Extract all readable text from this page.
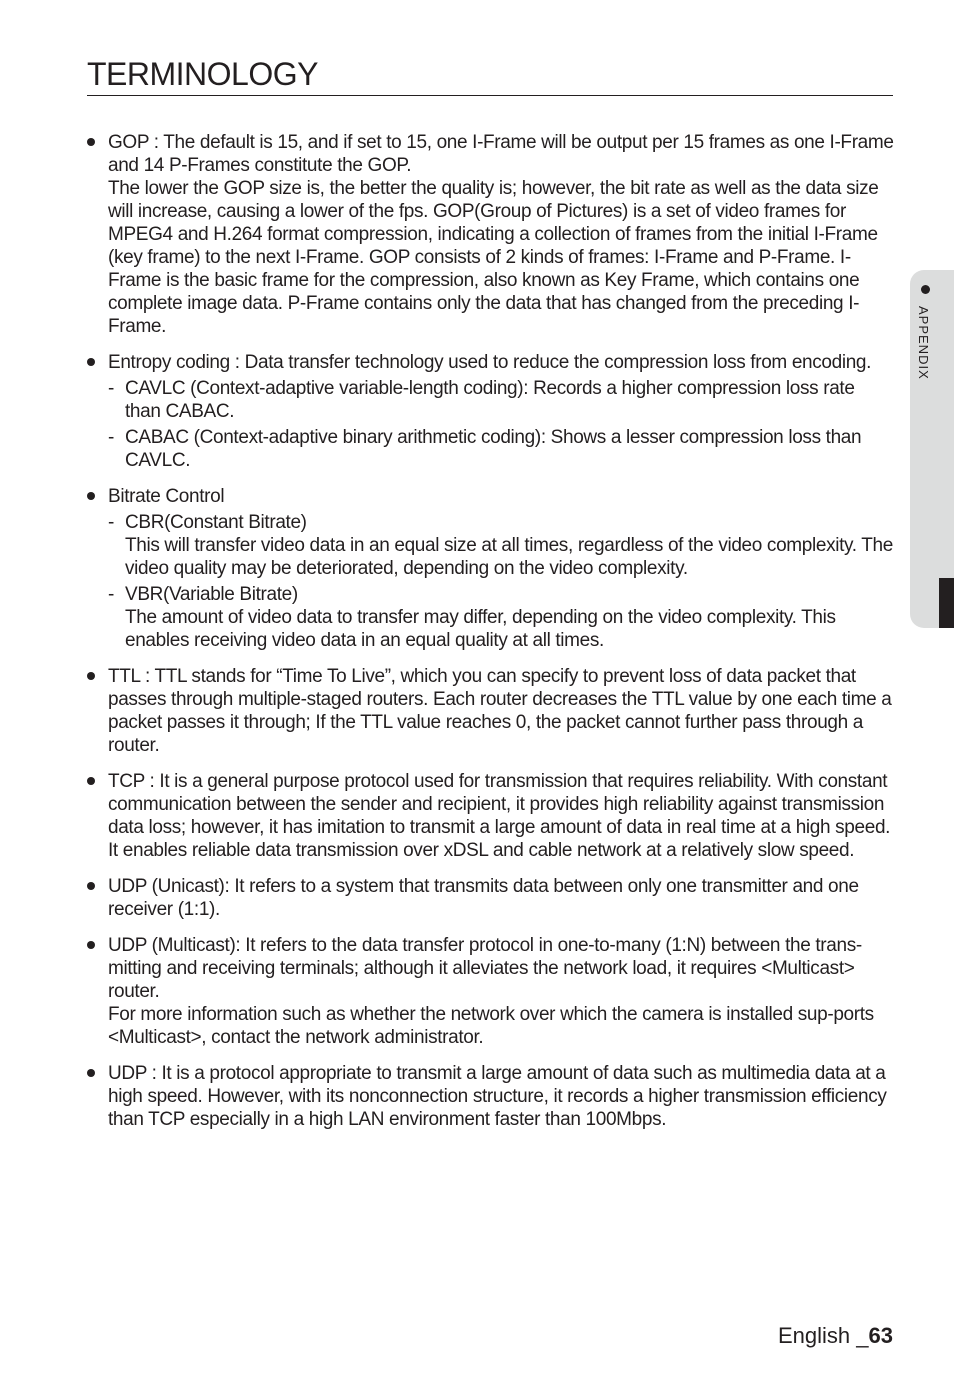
TERMINOLOGY
GOP : The default is 15, and if set to 15, one I-Frame will be output per 15 frames as one I-Frame and 14 P-Frames constitute the GOP.
The lower the GOP size is, the better the quality is; however, the bit rate as well as the data size will increase, causing a lower of the fps. GOP(Group of Pictures) is a set of video frames for MPEG4 and H.264 format compression, indicating a collection of frames from the initial I-Frame (key frame) to the next I-Frame. GOP consists of 2 kinds of frames: I-Frame and P-Frame. I-Frame is the basic frame for the compression, also known as Key Frame, which contains one complete image data. P-Frame contains only the data that has changed from the preceding I-Frame.
Entropy coding : Data transfer technology used to reduce the compression loss from encoding.
- CAVLC (Context-adaptive variable-length coding): Records a higher compression loss rate than CABAC.
- CABAC (Context-adaptive binary arithmetic coding): Shows a lesser compression loss than CAVLC.
Bitrate Control
- CBR(Constant Bitrate)
This will transfer video data in an equal size at all times, regardless of the video complexity. The video quality may be deteriorated, depending on the video complexity.
- VBR(Variable Bitrate)
The amount of video data to transfer may differ, depending on the video complexity. This enables receiving video data in an equal quality at all times.
TTL : TTL stands for “Time To Live”, which you can specify to prevent loss of data packet that passes through multiple-staged routers. Each router decreases the TTL value by one each time a packet passes it through; If the TTL value reaches 0, the packet cannot further pass through a router.
TCP : It is a general purpose protocol used for transmission that requires reliability. With constant communication between the sender and recipient, it provides high reliability against transmission data loss; however, it has imitation to transmit a large amount of data in real time at a high speed.
It enables reliable data transmission over xDSL and cable network at a relatively slow speed.
UDP (Unicast): It refers to a system that transmits data between only one transmitter and one receiver (1:1).
UDP (Multicast): It refers to the data transfer protocol in one-to-many (1:N) between the trans-mitting and receiving terminals; although it alleviates the network load, it requires <Multicast> router.
For more information such as whether the network over which the camera is installed sup-ports <Multicast>, contact the network administrator.
UDP : It is a protocol appropriate to transmit a large amount of data such as multimedia data at a high speed. However, with its nonconnection structure, it records a higher transmission efficiency than TCP especially in a high LAN environment faster than 100Mbps.
APPENDIX
English _63
